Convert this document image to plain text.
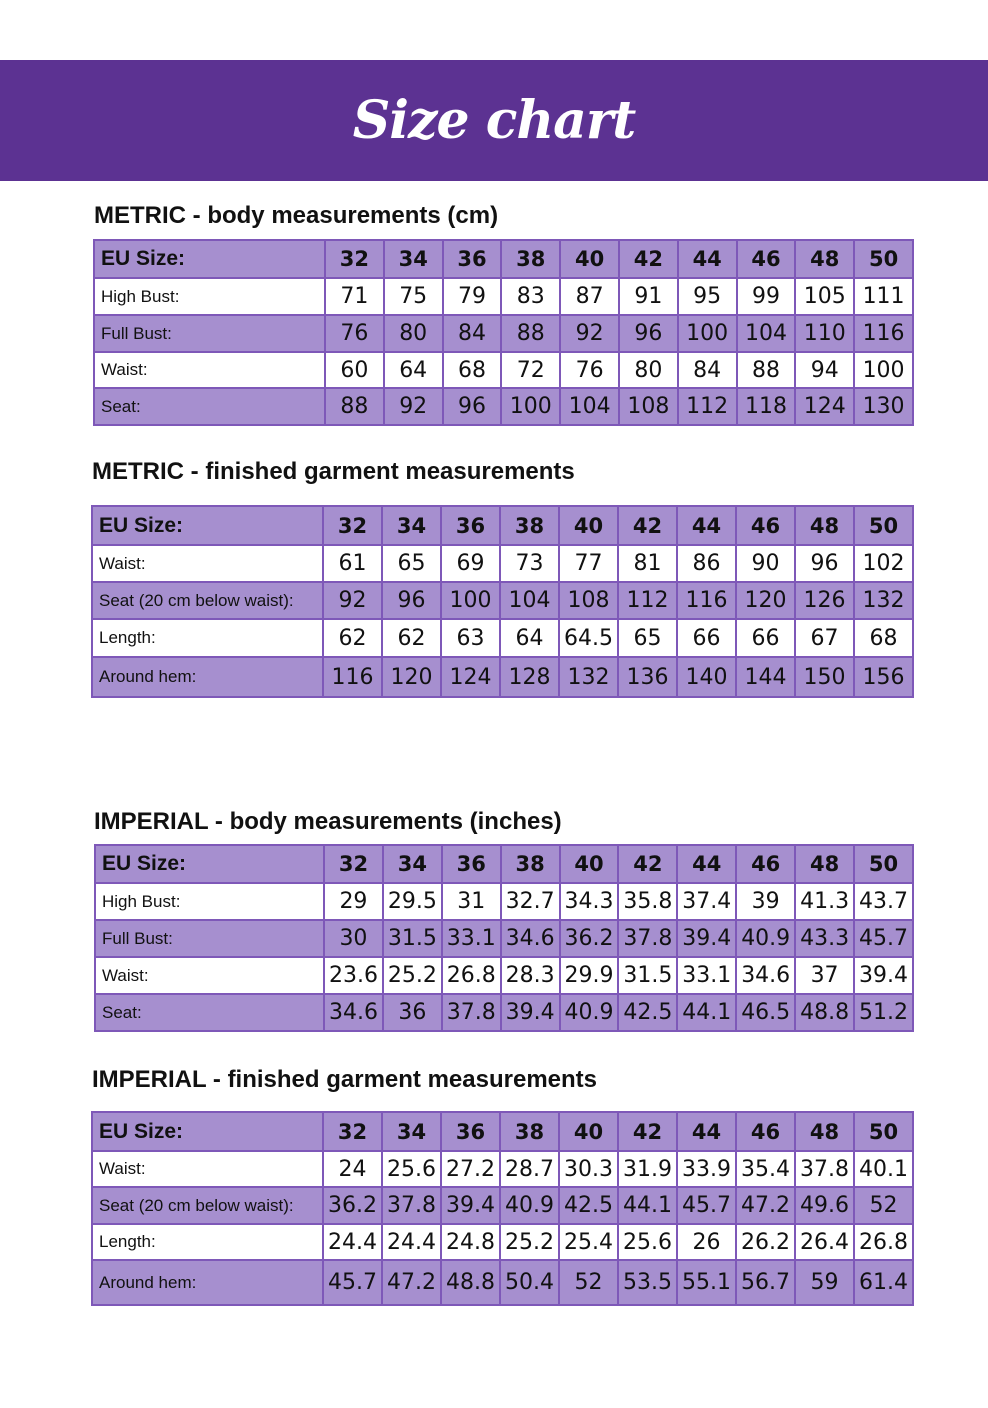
Size chart
METRIC - body measurements (cm)
EU Size:	32	34	36	38	40	42	44	46	48	50
High Bust:	71	75	79	83	87	91	95	99	105	111
Full Bust:	76	80	84	88	92	96	100	104	110	116
Waist:	60	64	68	72	76	80	84	88	94	100
Seat:	88	92	96	100	104	108	112	118	124	130
METRIC - finished garment measurements
EU Size:	32	34	36	38	40	42	44	46	48	50
Waist:	61	65	69	73	77	81	86	90	96	102
Seat (20 cm below waist):	92	96	100	104	108	112	116	120	126	132
Length:	62	62	63	64	64.5	65	66	66	67	68
Around hem:	116	120	124	128	132	136	140	144	150	156
IMPERIAL - body measurements (inches)
EU Size:	32	34	36	38	40	42	44	46	48	50
High Bust:	29	29.5	31	32.7	34.3	35.8	37.4	39	41.3	43.7
Full Bust:	30	31.5	33.1	34.6	36.2	37.8	39.4	40.9	43.3	45.7
Waist:	23.6	25.2	26.8	28.3	29.9	31.5	33.1	34.6	37	39.4
Seat:	34.6	36	37.8	39.4	40.9	42.5	44.1	46.5	48.8	51.2
IMPERIAL - finished garment measurements
EU Size:	32	34	36	38	40	42	44	46	48	50
Waist:	24	25.6	27.2	28.7	30.3	31.9	33.9	35.4	37.8	40.1
Seat (20 cm below waist):	36.2	37.8	39.4	40.9	42.5	44.1	45.7	47.2	49.6	52
Length:	24.4	24.4	24.8	25.2	25.4	25.6	26	26.2	26.4	26.8
Around hem:	45.7	47.2	48.8	50.4	52	53.5	55.1	56.7	59	61.4
